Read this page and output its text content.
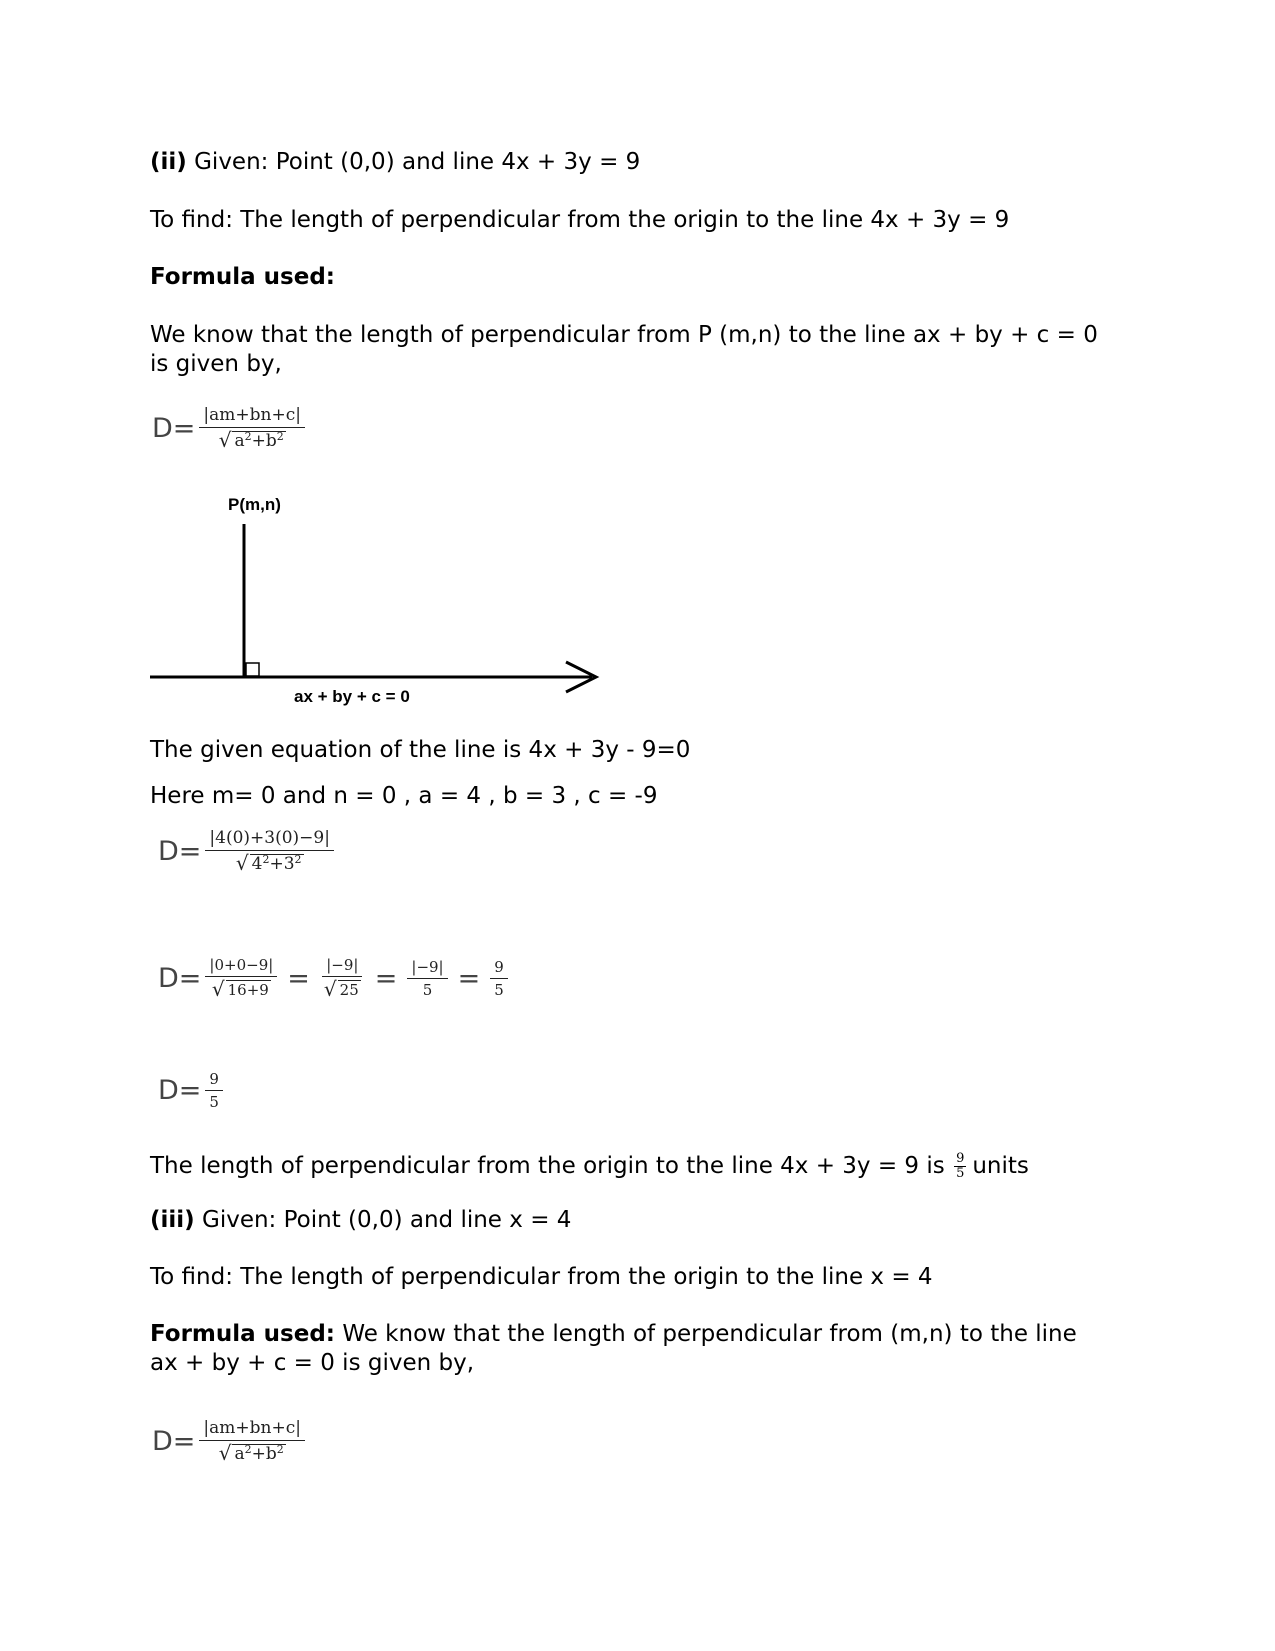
(ii) Given: Point (0,0) and line 4x + 3y = 9
To find: The length of perpendicular from the origin to the line 4x + 3y = 9
Formula used:
We know that the length of perpendicular from P (m,n) to the line ax + by + c = 0 is given by,
$D= \frac{|am+bn+c|}{√ a^2+b^2}$
P(m,n)
ax + by + c = 0
The given equation of the line is 4x + 3y - 9=0
Here m= 0 and n = 0 , a = 4 , b = 3 , c = -9
$D= \frac{|4(0)+3(0)-9|}{√ 4^2+3^2}$
$D= \frac{|0+0-9|}{√ 16+9} = \frac{|-9|}{√ 25} = \frac{|-9|}{5} = \frac{9}{5}$
$D= \frac{9}{5}$
The length of perpendicular from the origin to the line 4x + 3y = 9 is $\frac{9}{5}$ units
(iii) Given: Point (0,0) and line x = 4
To find: The length of perpendicular from the origin to the line x = 4
Formula used: We know that the length of perpendicular from (m,n) to the line ax + by + c = 0 is given by,
$D= \frac{|am+bn+c|}{√ a^2+b^2}$
